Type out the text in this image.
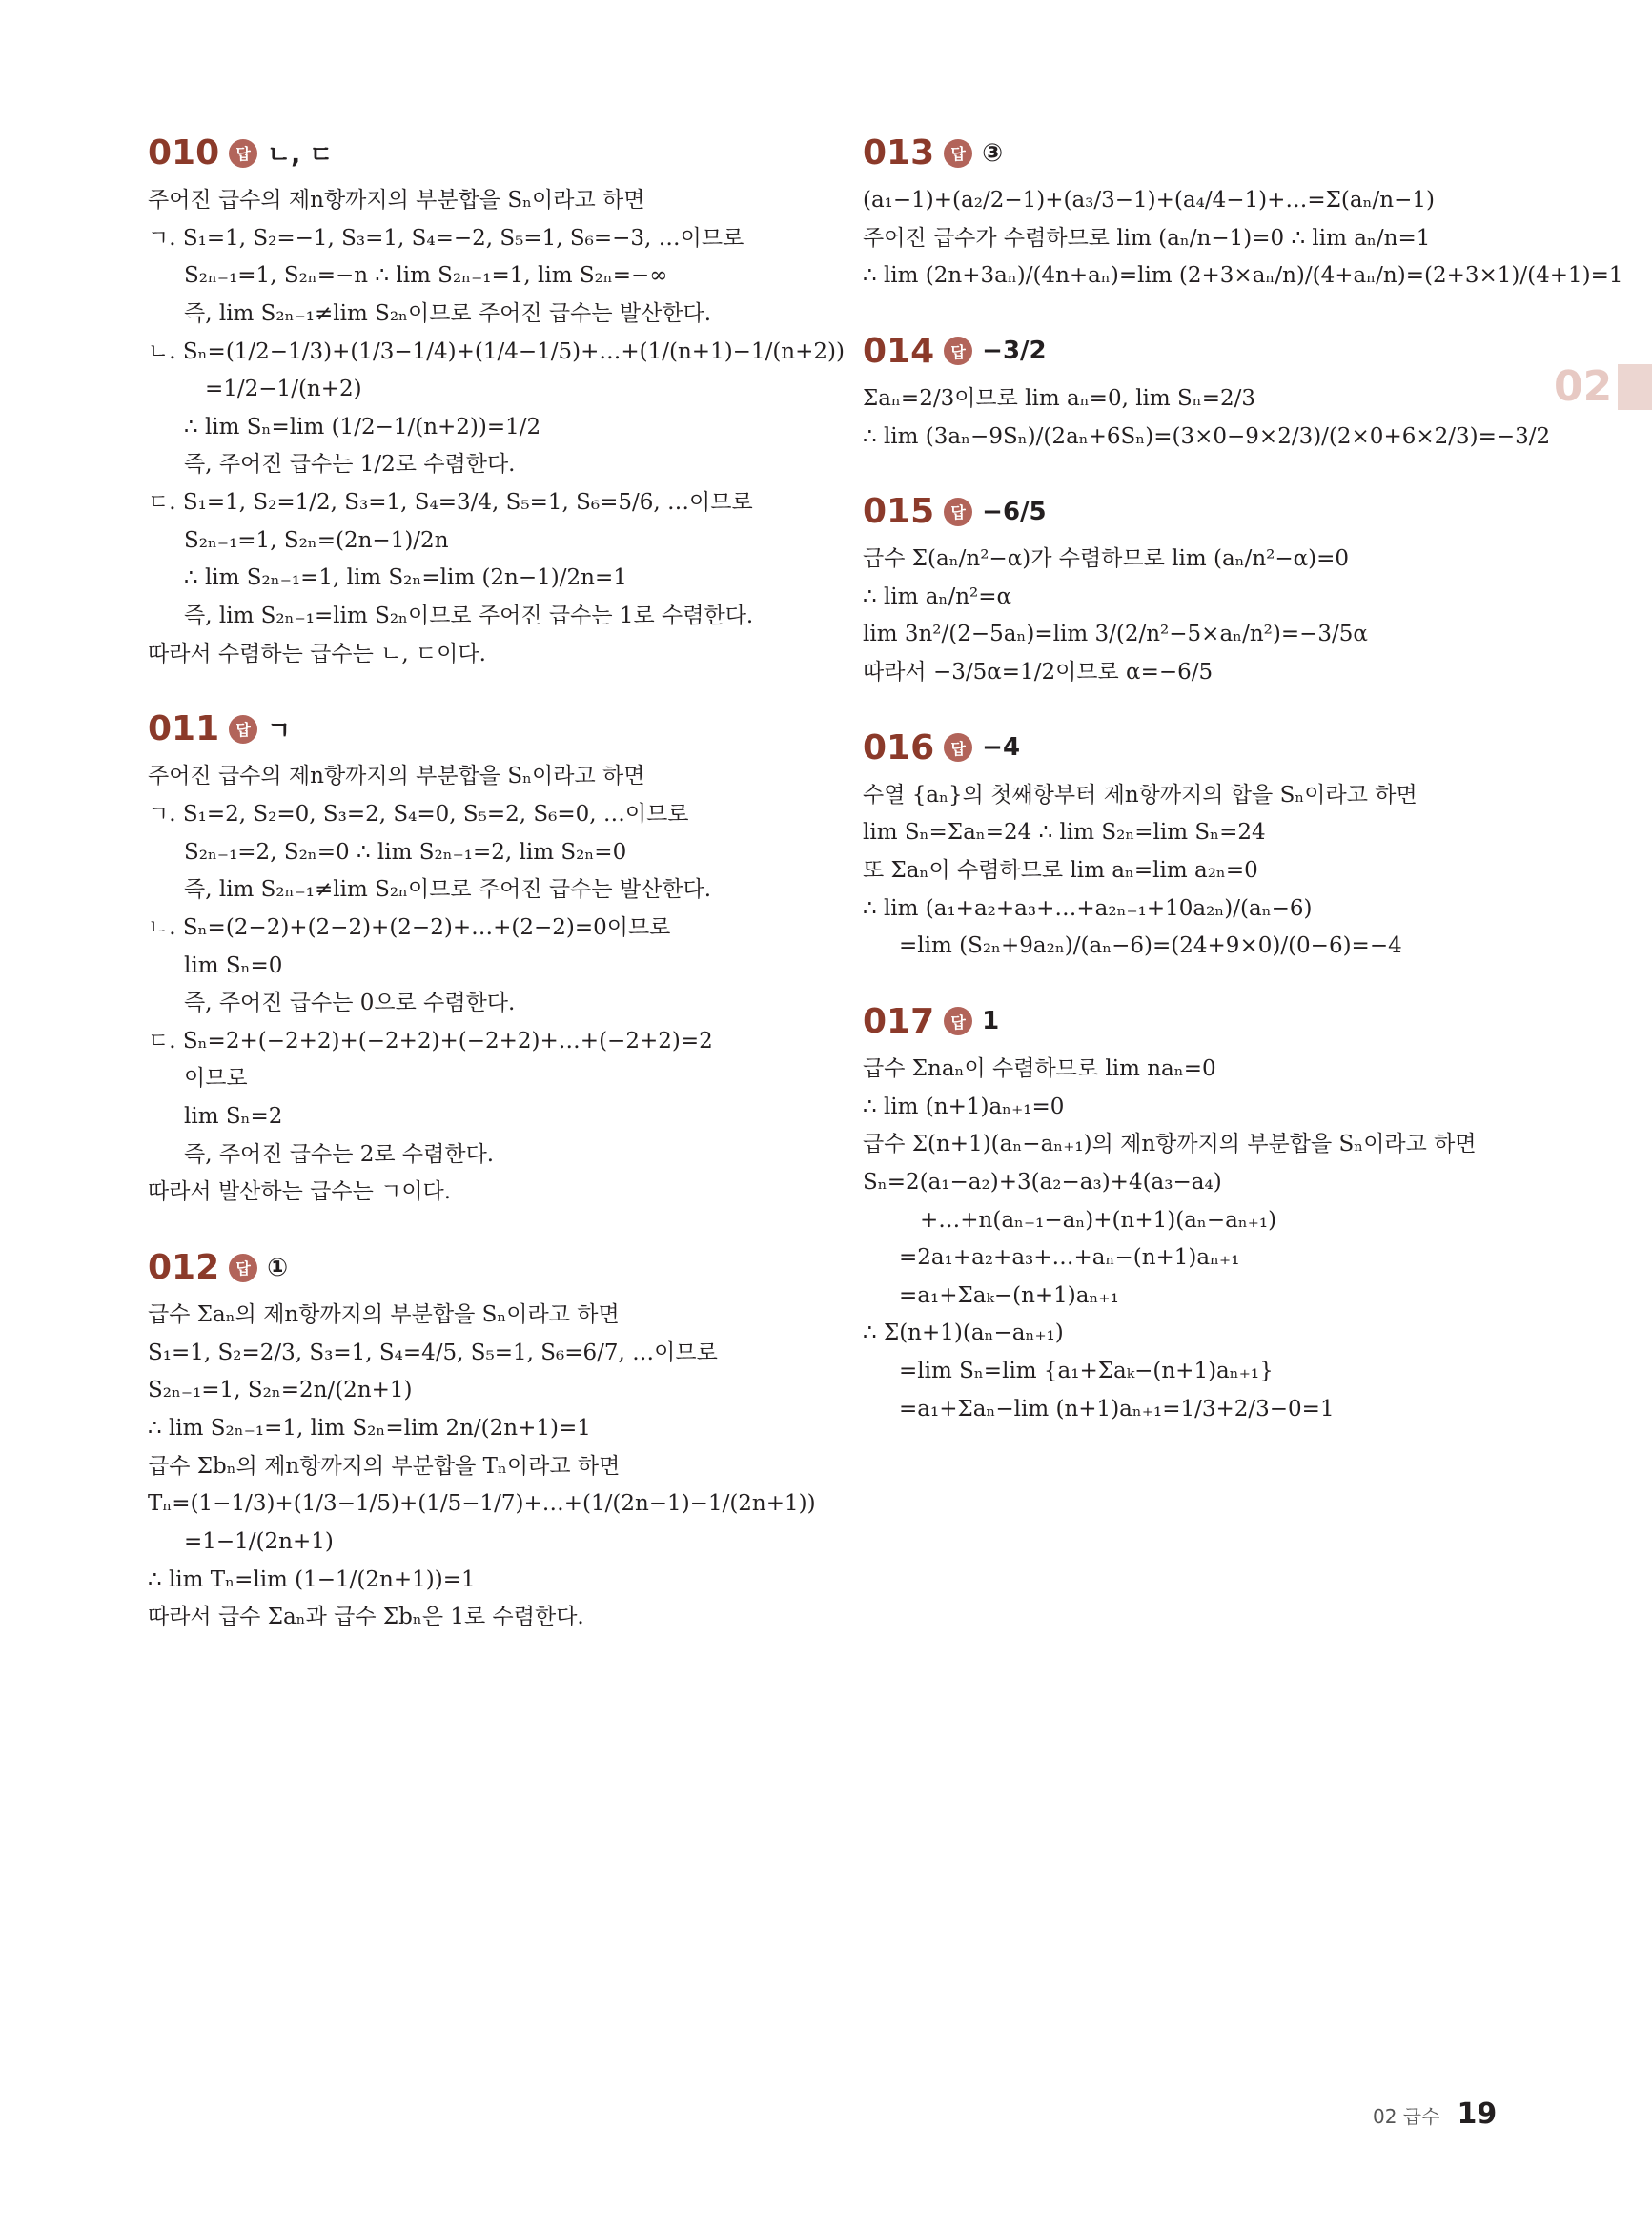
010	답 ㄴ, ㄷ
주어진 급수의 제n항까지의 부분합을 Sₙ이라고 하면
ㄱ. S₁=1, S₂=−1, S₃=1, S₄=−2, S₅=1, S₆=−3, …이므로
S₂ₙ₋₁=1, S₂ₙ=−n ∴ lim S₂ₙ₋₁=1, lim S₂ₙ=−∞
즉, lim S₂ₙ₋₁≠lim S₂ₙ이므로 주어진 급수는 발산한다.
ㄴ. Sₙ=(1/2−1/3)+(1/3−1/4)+(1/4−1/5)+…+(1/(n+1)−1/(n+2))
=1/2−1/(n+2)
∴ lim Sₙ=lim (1/2−1/(n+2))=1/2
즉, 주어진 급수는 1/2로 수렴한다.
ㄷ. S₁=1, S₂=1/2, S₃=1, S₄=3/4, S₅=1, S₆=5/6, …이므로
S₂ₙ₋₁=1, S₂ₙ=(2n−1)/2n
∴ lim S₂ₙ₋₁=1, lim S₂ₙ=lim (2n−1)/2n=1
즉, lim S₂ₙ₋₁=lim S₂ₙ이므로 주어진 급수는 1로 수렴한다.
따라서 수렴하는 급수는 ㄴ, ㄷ이다.
011	답 ㄱ
주어진 급수의 제n항까지의 부분합을 Sₙ이라고 하면
ㄱ. S₁=2, S₂=0, S₃=2, S₄=0, S₅=2, S₆=0, …이므로
S₂ₙ₋₁=2, S₂ₙ=0 ∴ lim S₂ₙ₋₁=2, lim S₂ₙ=0
즉, lim S₂ₙ₋₁≠lim S₂ₙ이므로 주어진 급수는 발산한다.
ㄴ. Sₙ=(2−2)+(2−2)+(2−2)+…+(2−2)=0이므로
lim Sₙ=0
즉, 주어진 급수는 0으로 수렴한다.
ㄷ. Sₙ=2+(−2+2)+(−2+2)+(−2+2)+…+(−2+2)=2
이므로
lim Sₙ=2
즉, 주어진 급수는 2로 수렴한다.
따라서 발산하는 급수는 ㄱ이다.
012	답 ①
급수 Σaₙ의 제n항까지의 부분합을 Sₙ이라고 하면
S₁=1, S₂=2/3, S₃=1, S₄=4/5, S₅=1, S₆=6/7, …이므로
S₂ₙ₋₁=1, S₂ₙ=2n/(2n+1)
∴ lim S₂ₙ₋₁=1, lim S₂ₙ=lim 2n/(2n+1)=1
급수 Σbₙ의 제n항까지의 부분합을 Tₙ이라고 하면
Tₙ=(1−1/3)+(1/3−1/5)+(1/5−1/7)+…+(1/(2n−1)−1/(2n+1))
=1−1/(2n+1)
∴ lim Tₙ=lim (1−1/(2n+1))=1
따라서 급수 Σaₙ과 급수 Σbₙ은 1로 수렴한다.
013	답 ③
(a₁−1)+(a₂/2−1)+(a₃/3−1)+(a₄/4−1)+…=Σ(aₙ/n−1)
주어진 급수가 수렴하므로 lim (aₙ/n−1)=0 ∴ lim aₙ/n=1
∴ lim (2n+3aₙ)/(4n+aₙ)=lim (2+3×aₙ/n)/(4+aₙ/n)=(2+3×1)/(4+1)=1
014	답 −3/2
Σaₙ=2/3이므로 lim aₙ=0, lim Sₙ=2/3
∴ lim (3aₙ−9Sₙ)/(2aₙ+6Sₙ)=(3×0−9×2/3)/(2×0+6×2/3)=−3/2
015	답 −6/5
급수 Σ(aₙ/n²−α)가 수렴하므로 lim (aₙ/n²−α)=0
∴ lim aₙ/n²=α
lim 3n²/(2−5aₙ)=lim 3/(2/n²−5×aₙ/n²)=−3/5α
따라서 −3/5α=1/2이므로 α=−6/5
016	답 −4
수열 {aₙ}의 첫째항부터 제n항까지의 합을 Sₙ이라고 하면
lim Sₙ=Σaₙ=24 ∴ lim S₂ₙ=lim Sₙ=24
또 Σaₙ이 수렴하므로 lim aₙ=lim a₂ₙ=0
∴ lim (a₁+a₂+a₃+…+a₂ₙ₋₁+10a₂ₙ)/(aₙ−6)
=lim (S₂ₙ+9a₂ₙ)/(aₙ−6)=(24+9×0)/(0−6)=−4
017	답 1
급수 Σnaₙ이 수렴하므로 lim naₙ=0
∴ lim (n+1)aₙ₊₁=0
급수 Σ(n+1)(aₙ−aₙ₊₁)의 제n항까지의 부분합을 Sₙ이라고 하면
Sₙ=2(a₁−a₂)+3(a₂−a₃)+4(a₃−a₄)
+…+n(aₙ₋₁−aₙ)+(n+1)(aₙ−aₙ₊₁)
=2a₁+a₂+a₃+…+aₙ−(n+1)aₙ₊₁
=a₁+Σaₖ−(n+1)aₙ₊₁
∴ Σ(n+1)(aₙ−aₙ₊₁)
=lim Sₙ=lim {a₁+Σaₖ−(n+1)aₙ₊₁}
=a₁+Σaₙ−lim (n+1)aₙ₊₁=1/3+2/3−0=1
02
02 급수 19
